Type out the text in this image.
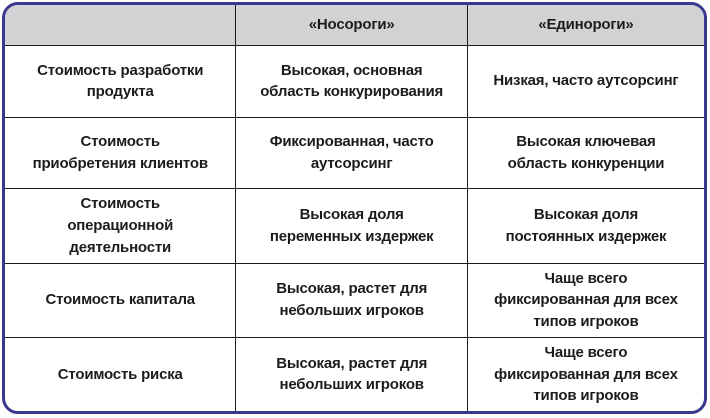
«Носороги»	«Единороги»
Стоимость разработки продукта
Высокая, основная область конкурирования
Низкая, часто аутсорсинг
Стоимость приобретения клиентов
Фиксированная, часто аутсорсинг
Высокая ключевая область конкуренции
Стоимость операционной деятельности
Высокая доля переменных издержек
Высокая доля постоянных издержек
Стоимость капитала
Высокая, растет для небольших игроков
Чаще всего фиксированная для всех типов игроков
Стоимость риска
Высокая, растет для небольших игроков
Чаще всего фиксированная для всех типов игроков
